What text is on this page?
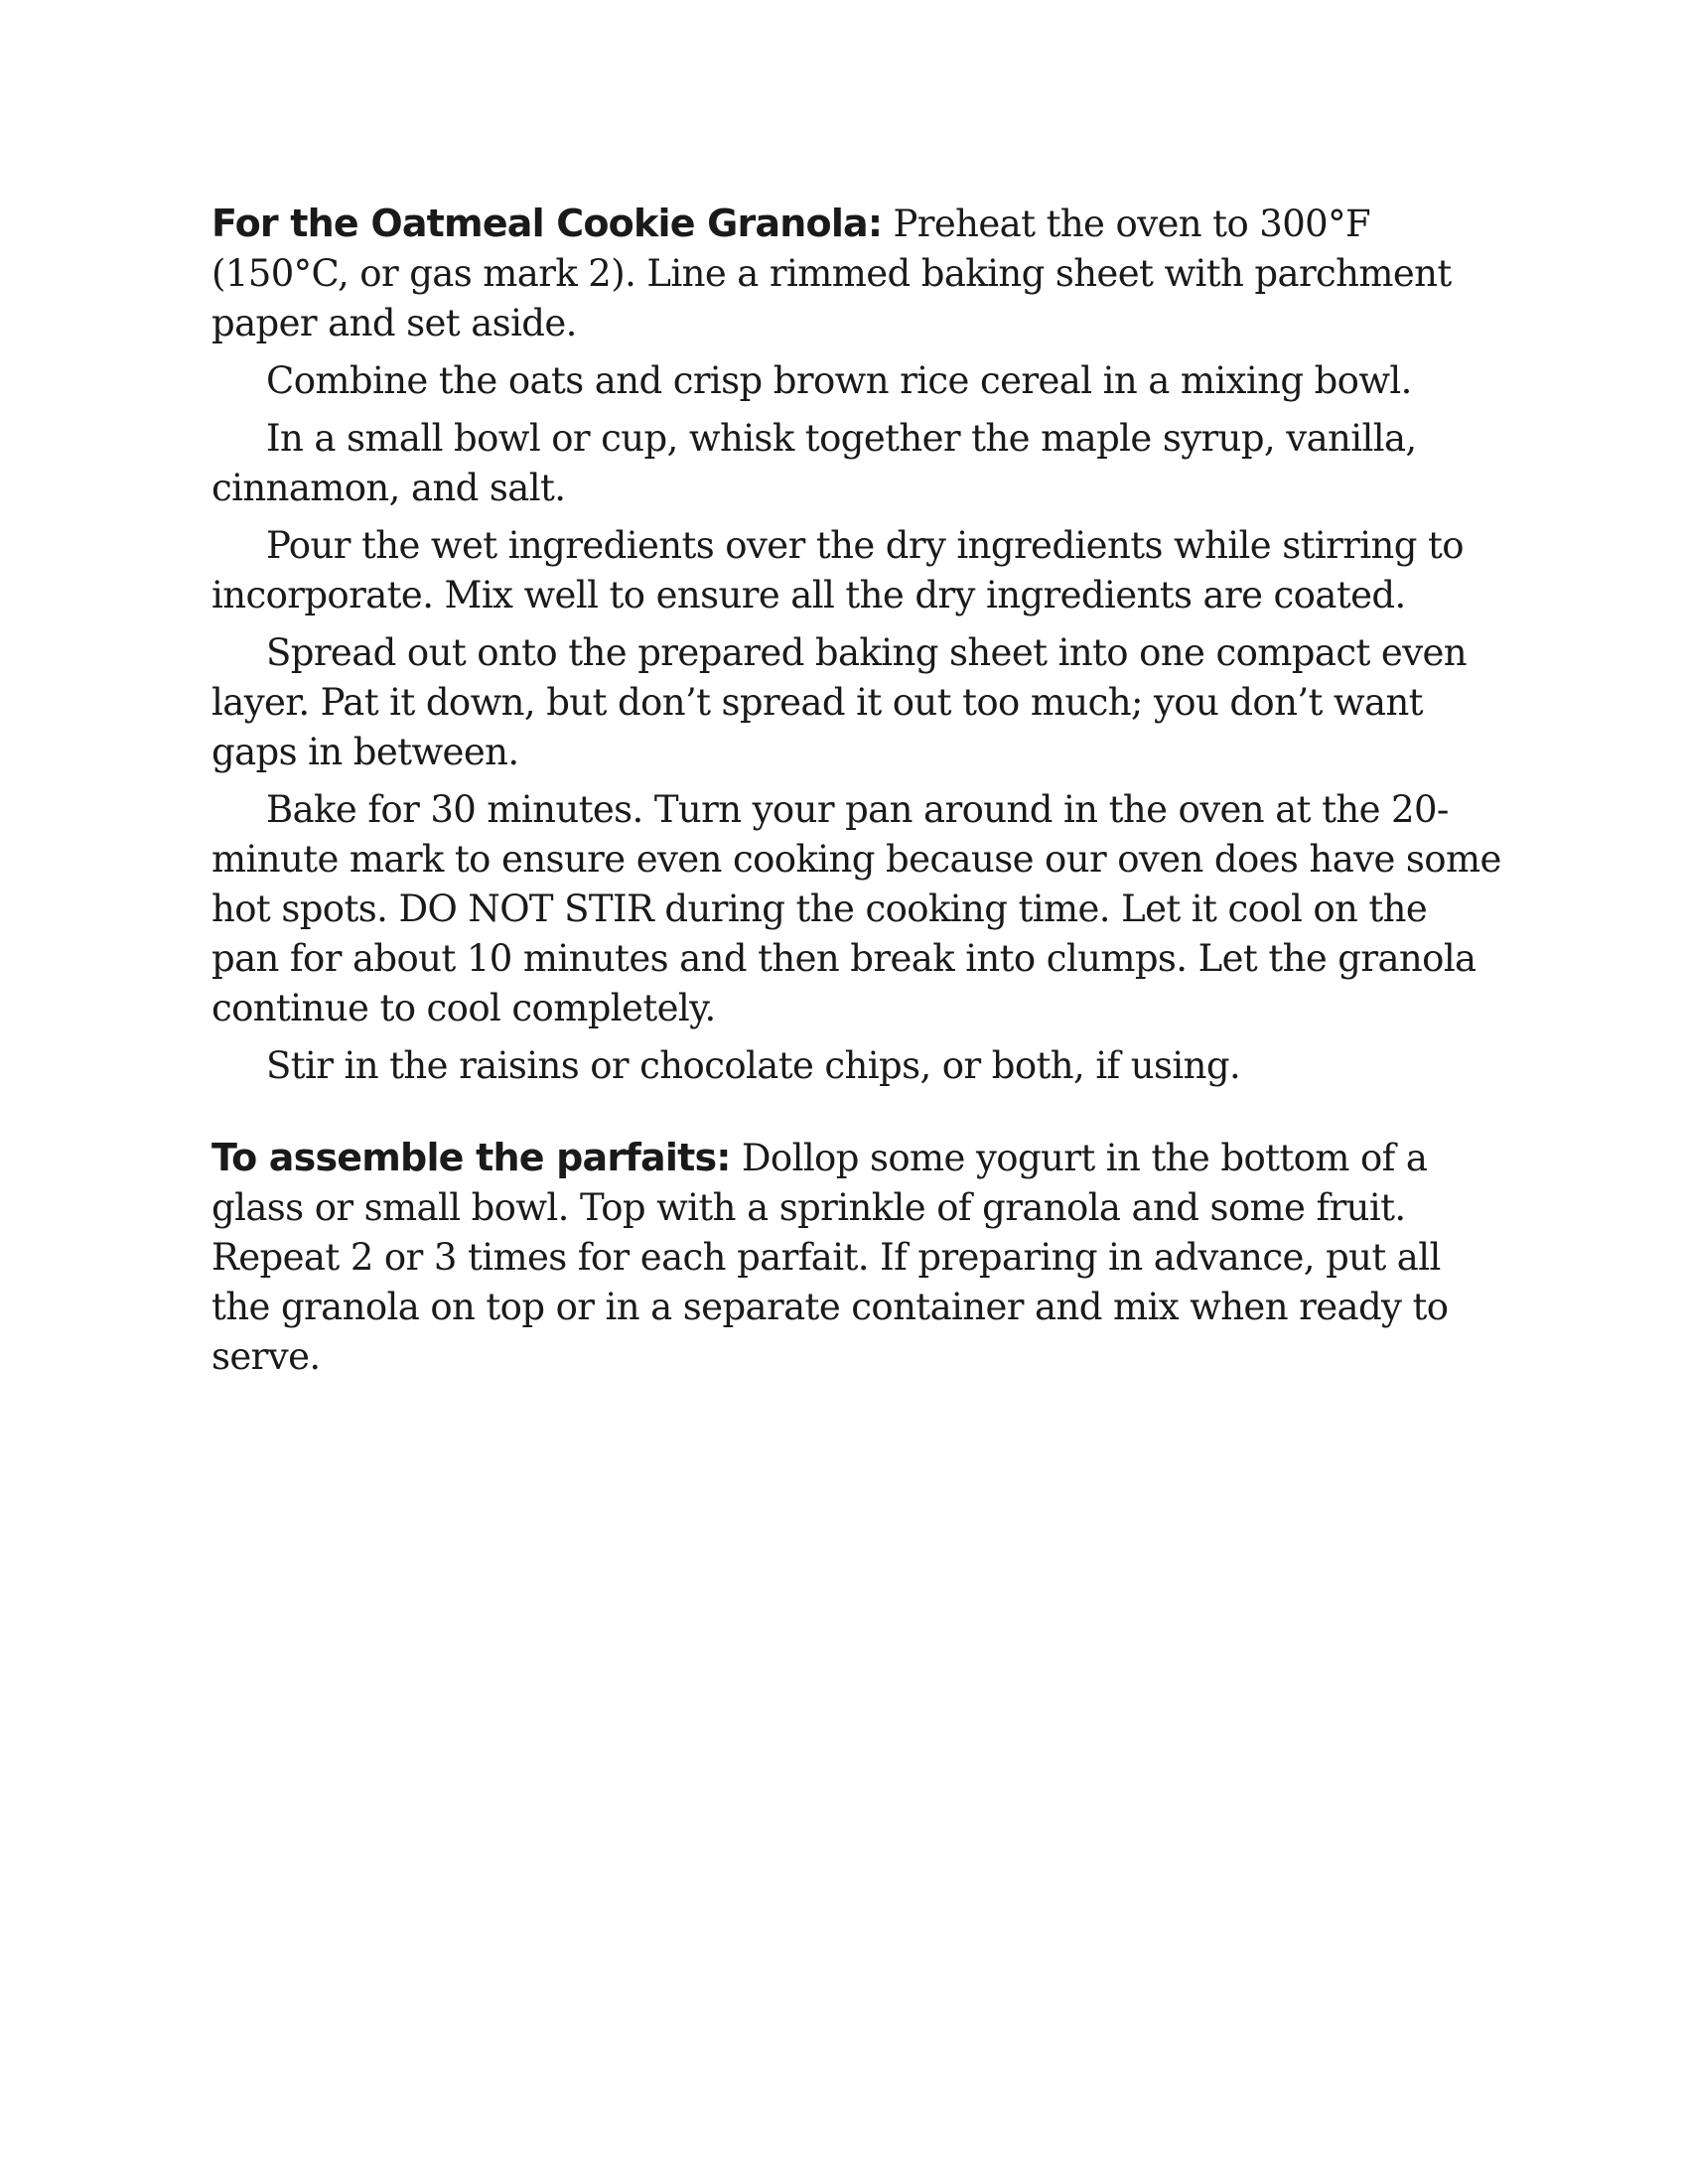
For the Oatmeal Cookie Granola: Preheat the oven to 300°F (150°C, or gas mark 2). Line a rimmed baking sheet with parchment paper and set aside.

Combine the oats and crisp brown rice cereal in a mixing bowl.

In a small bowl or cup, whisk together the maple syrup, vanilla, cinnamon, and salt.

Pour the wet ingredients over the dry ingredients while stirring to incorporate. Mix well to ensure all the dry ingredients are coated.

Spread out onto the prepared baking sheet into one compact even layer. Pat it down, but don’t spread it out too much; you don’t want gaps in between.

Bake for 30 minutes. Turn your pan around in the oven at the 20-minute mark to ensure even cooking because our oven does have some hot spots. DO NOT STIR during the cooking time. Let it cool on the pan for about 10 minutes and then break into clumps. Let the granola continue to cool completely.

Stir in the raisins or chocolate chips, or both, if using.

To assemble the parfaits: Dollop some yogurt in the bottom of a glass or small bowl. Top with a sprinkle of granola and some fruit. Repeat 2 or 3 times for each parfait. If preparing in advance, put all the granola on top or in a separate container and mix when ready to serve.
